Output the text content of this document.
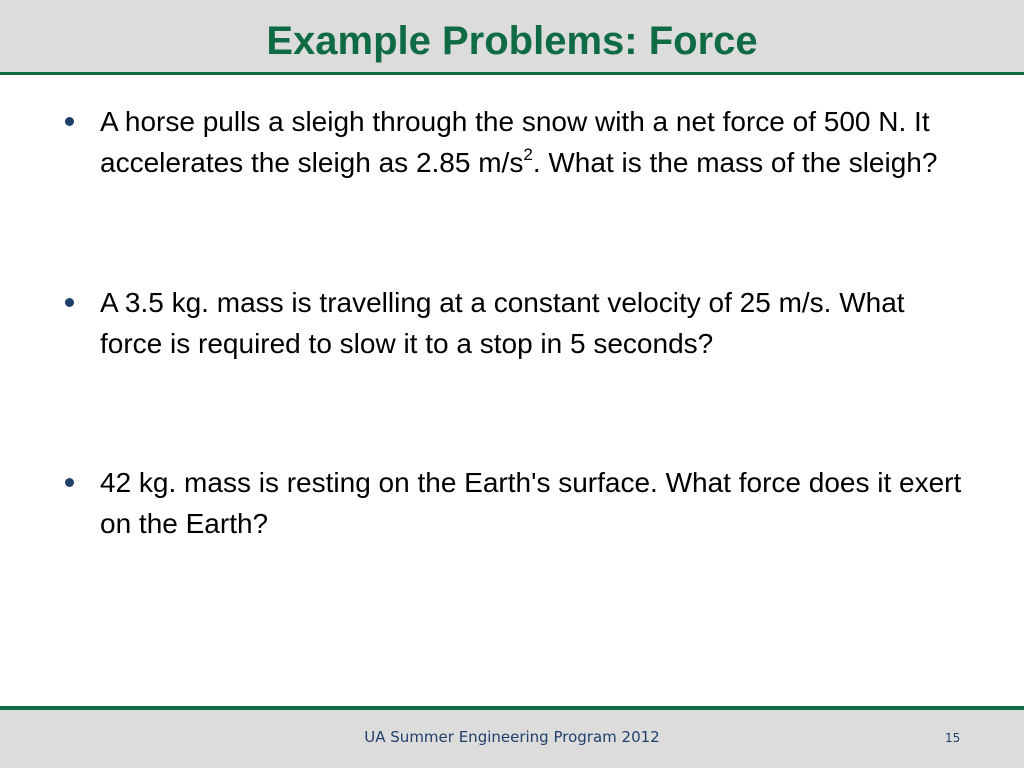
Example Problems: Force
A horse pulls a sleigh through the snow with a net force of 500 N. It accelerates the sleigh as 2.85 $m/s^2$. What is the mass of the sleigh?
A 3.5 kg. mass is travelling at a constant velocity of 25 m/s. What force is required to slow it to a stop in 5 seconds?
42 kg. mass is resting on the Earth's surface. What force does it exert on the Earth?
UA Summer Engineering Program 2012	15
